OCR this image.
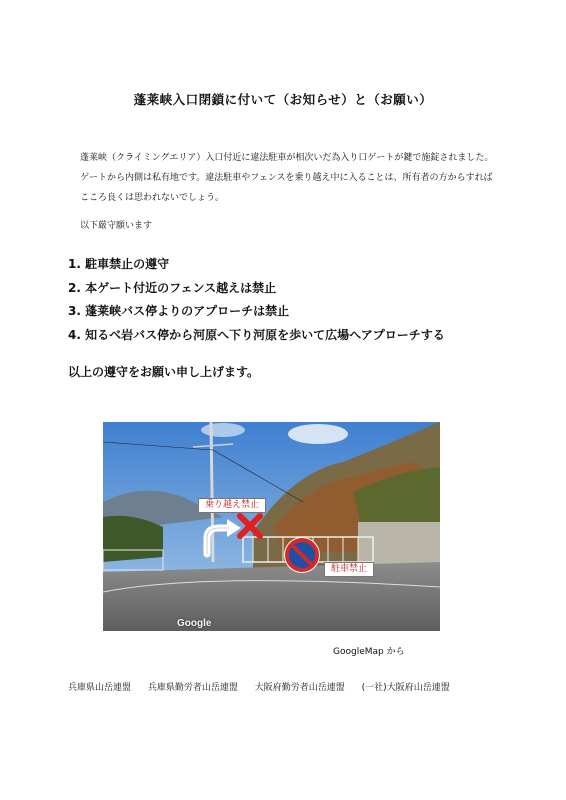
蓬莱峡入口閉鎖に付いて（お知らせ）と（お願い）

蓬莱峡（クライミングエリア）入口付近に違法駐車が相次いだ為入り口ゲートが鍵で施錠されました。

ゲートから内側は私有地です。違法駐車やフェンスを乗り越え中に入ることは、所有者の方からすれば

こころ良くは思われないでしょう。

以下厳守願います
1. 駐車禁止の遵守
2. 本ゲート付近のフェンス越えは禁止
3. 蓬莱峡バス停よりのアプローチは禁止
4. 知るべ岩バス停から河原へ下り河原を歩いて広場へアプローチする
以上の遵守をお願い申し上げます。
乗り越え禁止
駐車禁止
Google
GoogleMap から
兵庫県山岳連盟 兵庫県勤労者山岳連盟 大阪府勤労者山岳連盟 (一社)大阪府山岳連盟
